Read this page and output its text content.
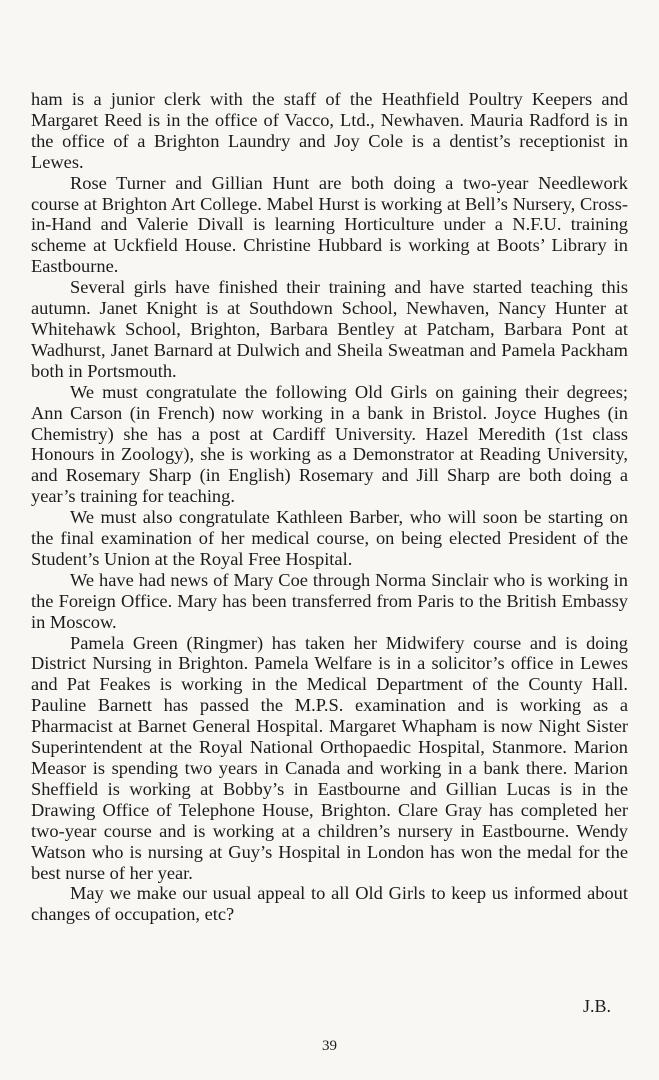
ham is a junior clerk with the staff of the Heathfield Poultry Keepers and Margaret Reed is in the office of Vacco, Ltd., Newhaven. Mauria Radford is in the office of a Brighton Laundry and Joy Cole is a dentist’s receptionist in Lewes.

Rose Turner and Gillian Hunt are both doing a two-year Needlework course at Brighton Art College. Mabel Hurst is working at Bell’s Nursery, Cross-in-Hand and Valerie Divall is learning Horticulture under a N.F.U. training scheme at Uckfield House. Christine Hubbard is working at Boots’ Library in Eastbourne.

Several girls have finished their training and have started teaching this autumn. Janet Knight is at Southdown School, Newhaven, Nancy Hunter at Whitehawk School, Brighton, Barbara Bentley at Patcham, Barbara Pont at Wadhurst, Janet Barnard at Dulwich and Sheila Sweatman and Pamela Packham both in Portsmouth.

We must congratulate the following Old Girls on gaining their degrees; Ann Carson (in French) now working in a bank in Bristol. Joyce Hughes (in Chemistry) she has a post at Cardiff University. Hazel Meredith (1st class Honours in Zoology), she is working as a Demonstrator at Reading University, and Rosemary Sharp (in English) Rosemary and Jill Sharp are both doing a year’s training for teaching.

We must also congratulate Kathleen Barber, who will soon be starting on the final examination of her medical course, on being elected President of the Student’s Union at the Royal Free Hospital.

We have had news of Mary Coe through Norma Sinclair who is working in the Foreign Office. Mary has been transferred from Paris to the British Embassy in Moscow.

Pamela Green (Ringmer) has taken her Midwifery course and is doing District Nursing in Brighton. Pamela Welfare is in a solicitor’s office in Lewes and Pat Feakes is working in the Medical Department of the County Hall. Pauline Barnett has passed the M.P.S. examination and is working as a Pharmacist at Barnet General Hospital. Margaret Whapham is now Night Sister Superintendent at the Royal National Orthopaedic Hospital, Stanmore. Marion Measor is spending two years in Canada and working in a bank there. Marion Sheffield is working at Bobby’s in Eastbourne and Gillian Lucas is in the Drawing Office of Telephone House, Brighton. Clare Gray has completed her two-year course and is working at a children’s nursery in Eastbourne. Wendy Watson who is nursing at Guy’s Hospital in London has won the medal for the best nurse of her year.

May we make our usual appeal to all Old Girls to keep us informed about changes of occupation, etc?

J.B.

39
